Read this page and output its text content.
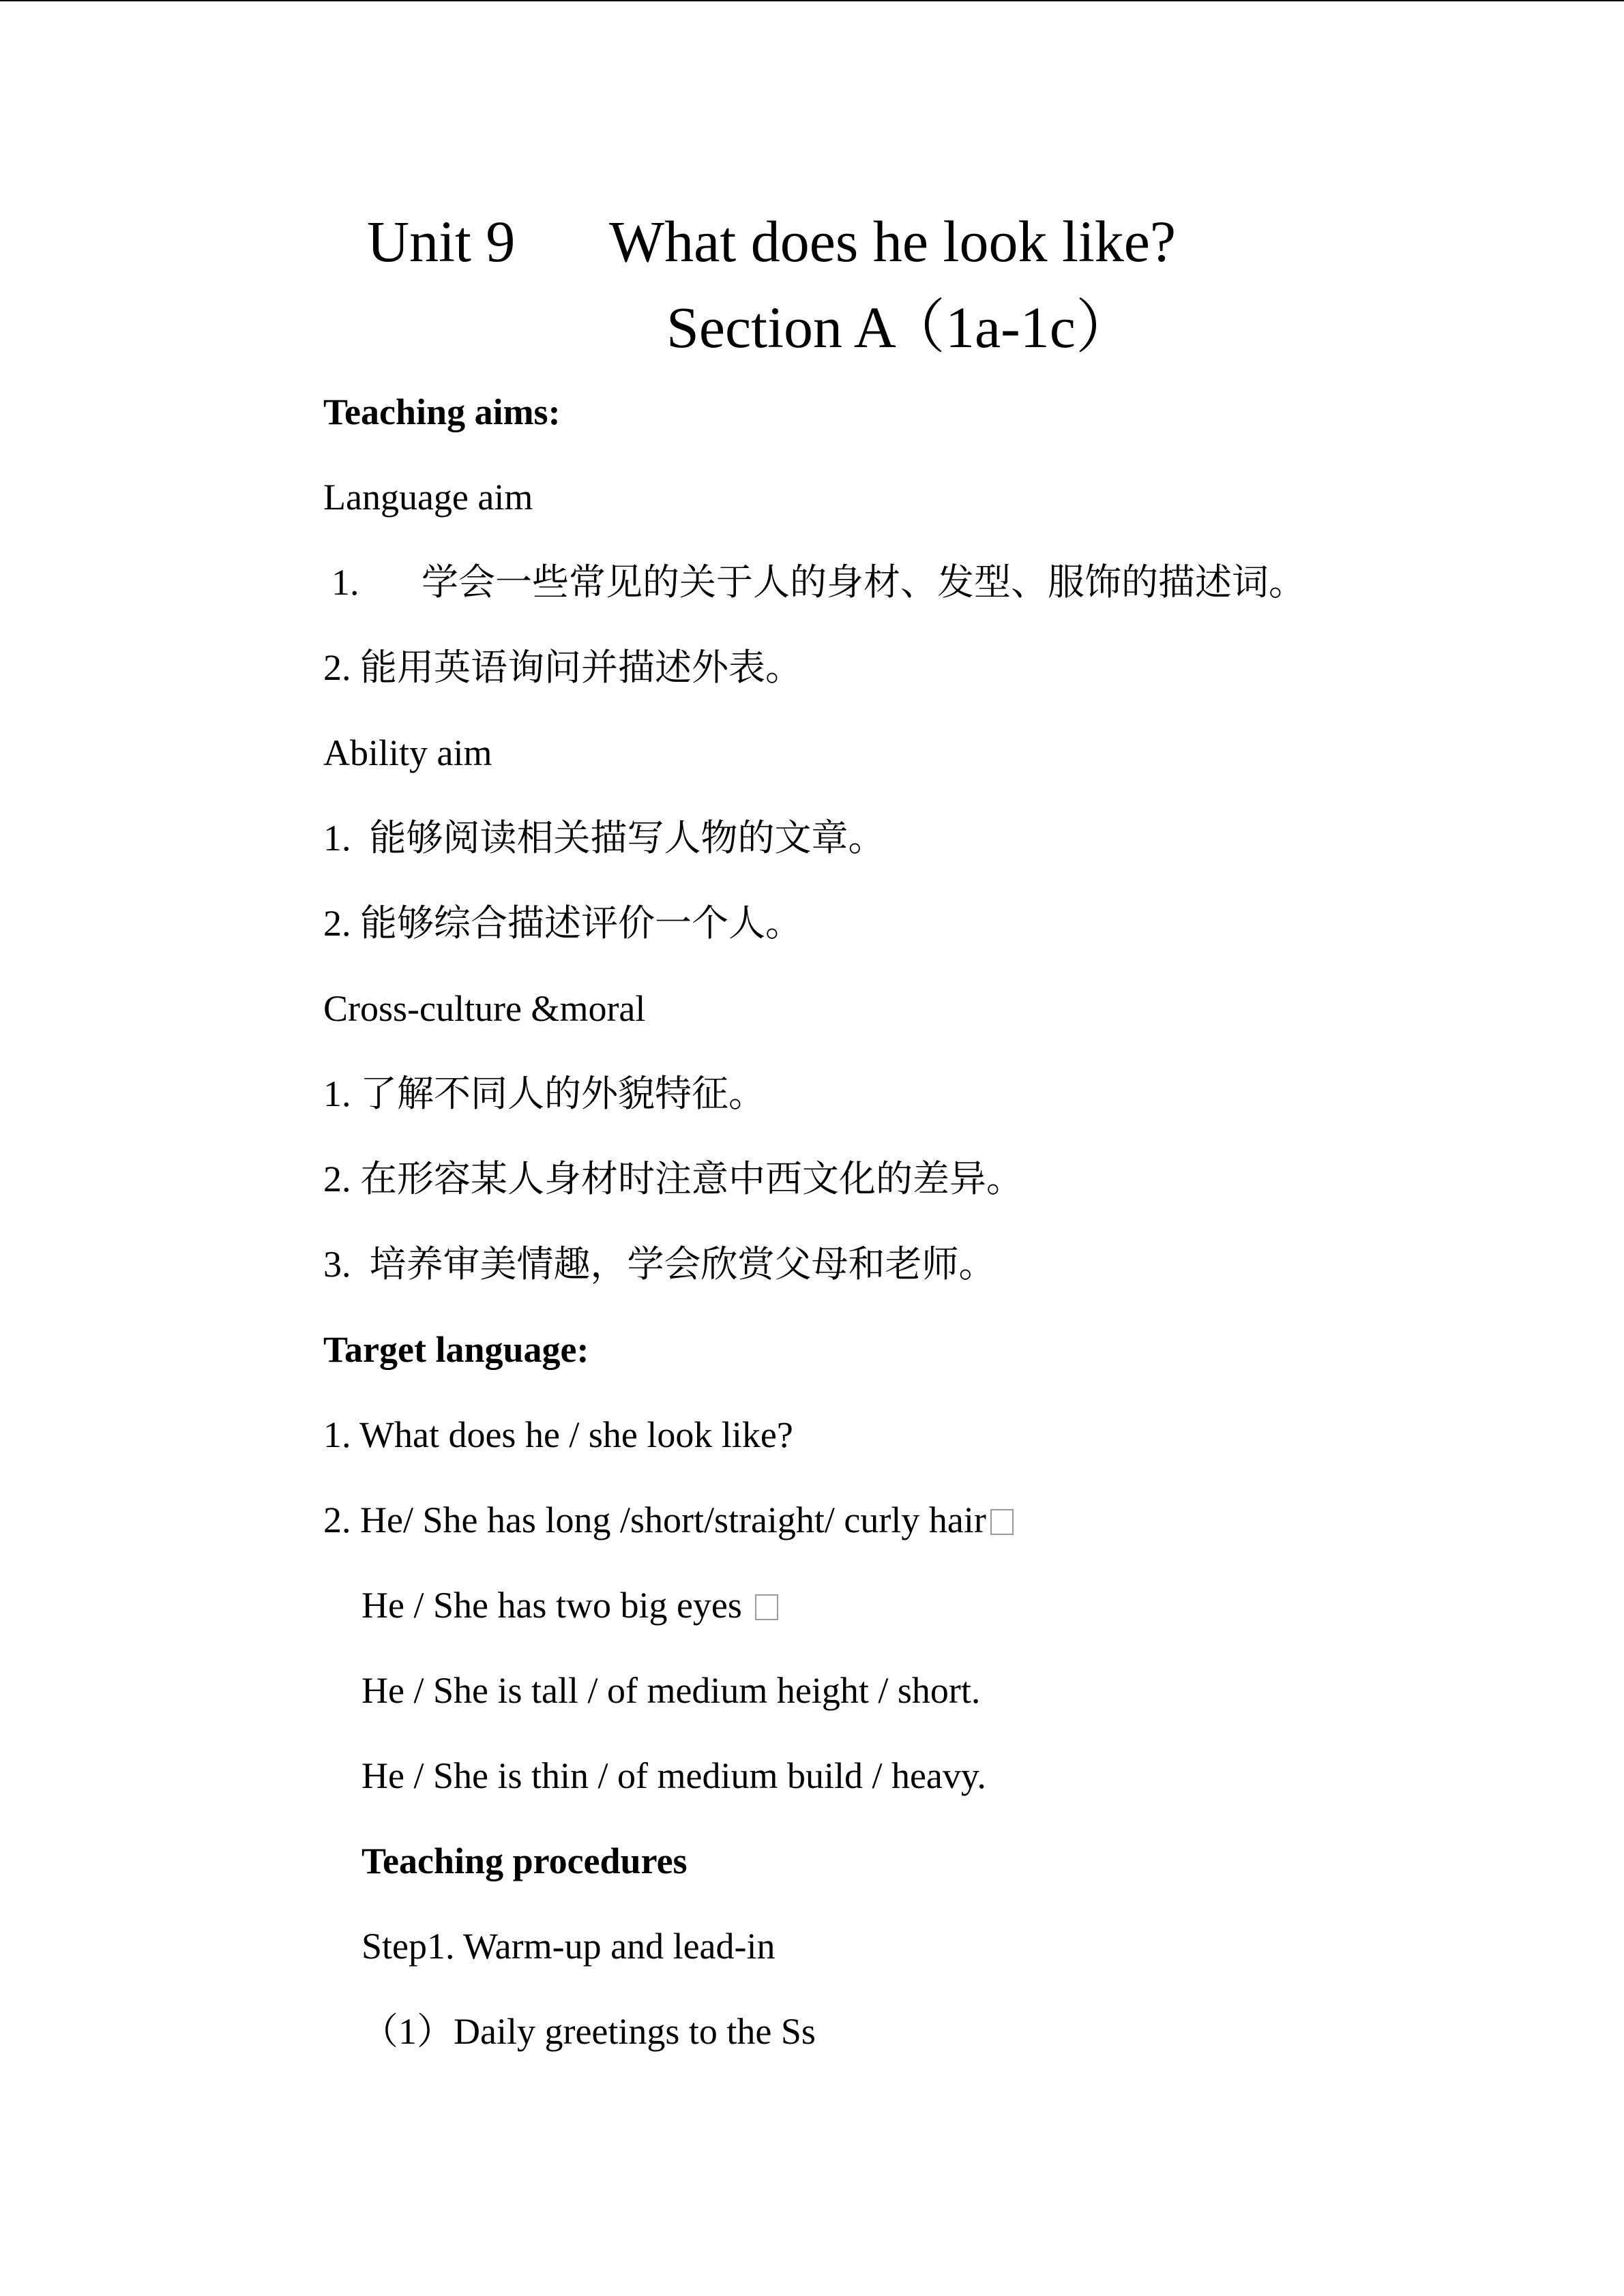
Unit 9 What does he look like?
Section A
（1a-1c）
Teaching aims:
Language aim
1. 学会一些常见的关于人的身材、发型、服饰的描述词。
2. 能用英语询问并描述外表。
Ability aim
1. 能够阅读相关描写人物的文章。
2. 能够综合描述评价一个人。
Cross-culture &moral
1. 了解不同人的外貌特征。
2. 在形容某人身材时注意中西文化的差异。
3. 培养审美情趣，学会欣赏父母和老师。
Target language:
1. What does he / she look like?
2. He/ She has long /short/straight/ curly hair
He / She has two big eyes
He / She is tall / of medium height / short.
He / She is thin / of medium build / heavy.
Teaching procedures
Step1. Warm-up and lead-in
（1）Daily greetings to the Ss
